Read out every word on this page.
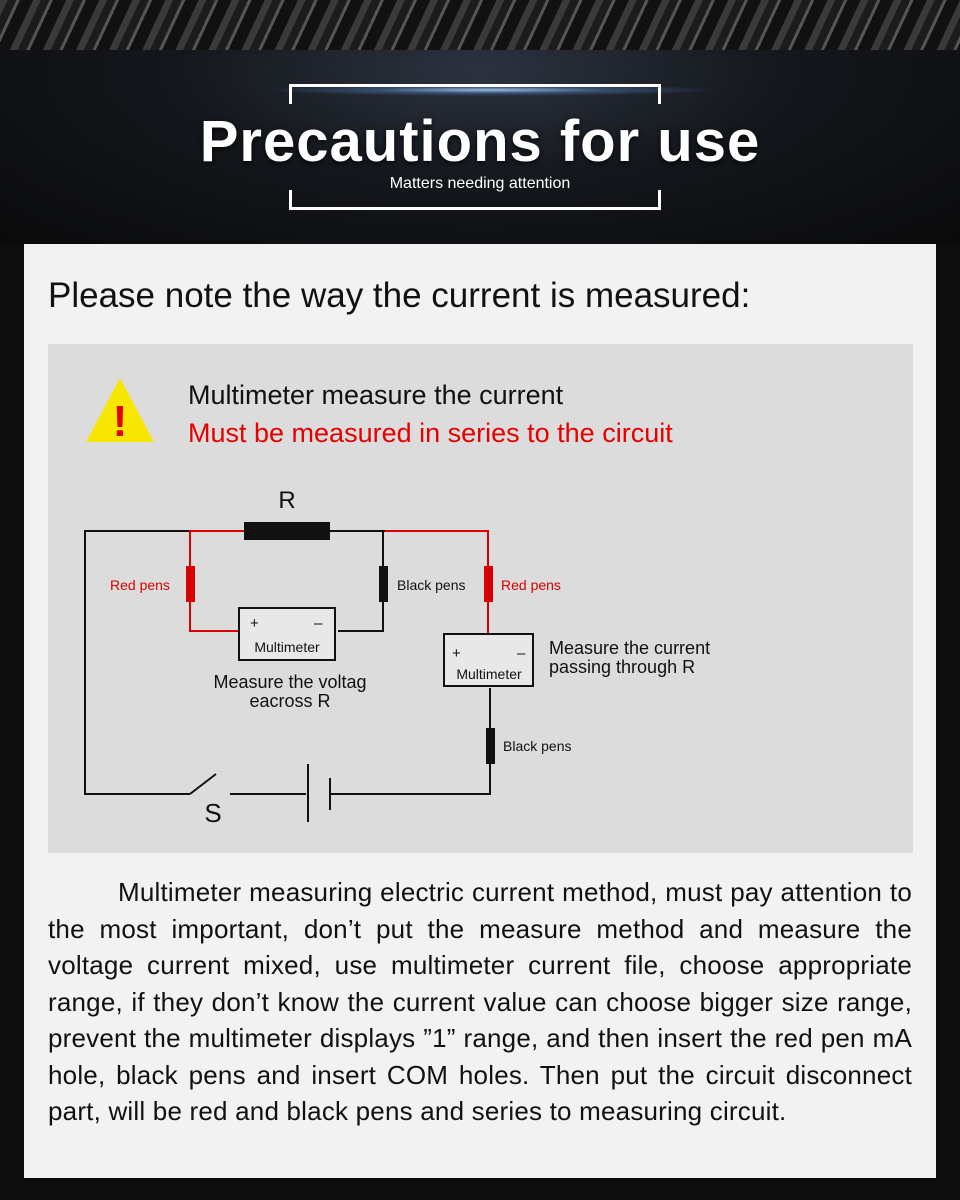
Precautions for use
Matters needing attention
Please note the way the current is measured:
!
Multimeter measure the current
Must be measured in series to the circuit
R
S
Red pens	Black pens	Red pens
Black pens
+	–
Multimeter	+	–
Multimeter
Measure the voltag
eacross R
Measure the current
passing through R
Multimeter measuring electric current method, must pay attention to the most important, don’t put the measure method and measure the voltage current mixed, use multimeter current file, choose appropriate range, if they don’t know the current value can choose bigger size range, prevent the multimeter displays ”1” range, and then insert the red pen mA hole, black pens and insert COM holes. Then put the circuit disconnect part, will be red and black pens and series to measuring circuit.
